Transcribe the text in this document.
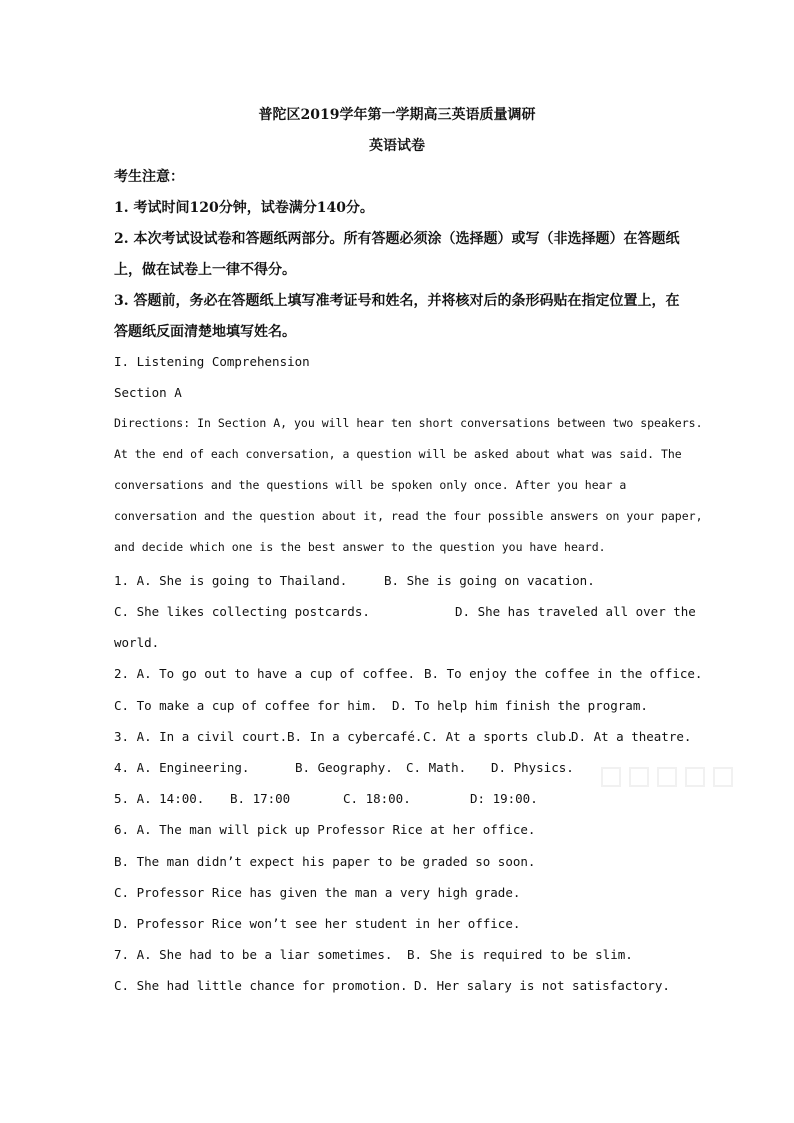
普陀区2019学年第一学期高三英语质量调研
英语试卷
考生注意：
1. 考试时间120分钟，试卷满分140分。
2. 本次考试设试卷和答题纸两部分。所有答题必须涂（选择题）或写（非选择题）在答题纸
上，做在试卷上一律不得分。
3. 答题前，务必在答题纸上填写准考证号和姓名，并将核对后的条形码贴在指定位置上，在
答题纸反面清楚地填写姓名。
I. Listening Comprehension
Section A
Directions: In Section A, you will hear ten short conversations between two speakers.
At the end of each conversation, a question will be asked about what was said. The
conversations and the questions will be spoken only once. After you hear a
conversation and the question about it, read the four possible answers on your paper,
and decide which one is the best answer to the question you have heard.
1. A. She is going to Thailand.	B. She is going on vacation.
C. She likes collecting postcards.	D. She has traveled all over the
world.
2. A. To go out to have a cup of coffee. B. To enjoy the coffee in the office.
C. To make a cup of coffee for him. D. To help him finish the program.
3. A. In a civil court. B. In a cybercafé. C. At a sports club.
D. At a theatre.
4. A. Engineering.	B. Geography. C. Math. D. Physics.
5. A. 14:00. B. 17:00	C. 18:00.	D: 19:00.
6. A. The man will pick up Professor Rice at her office.
B. The man didn’t expect his paper to be graded so soon.
C. Professor Rice has given the man a very high grade.
D. Professor Rice won’t see her student in her office.
7. A. She had to be a liar sometimes. B. She is required to be slim.
C. She had little chance for promotion. D. Her salary is not satisfactory.
